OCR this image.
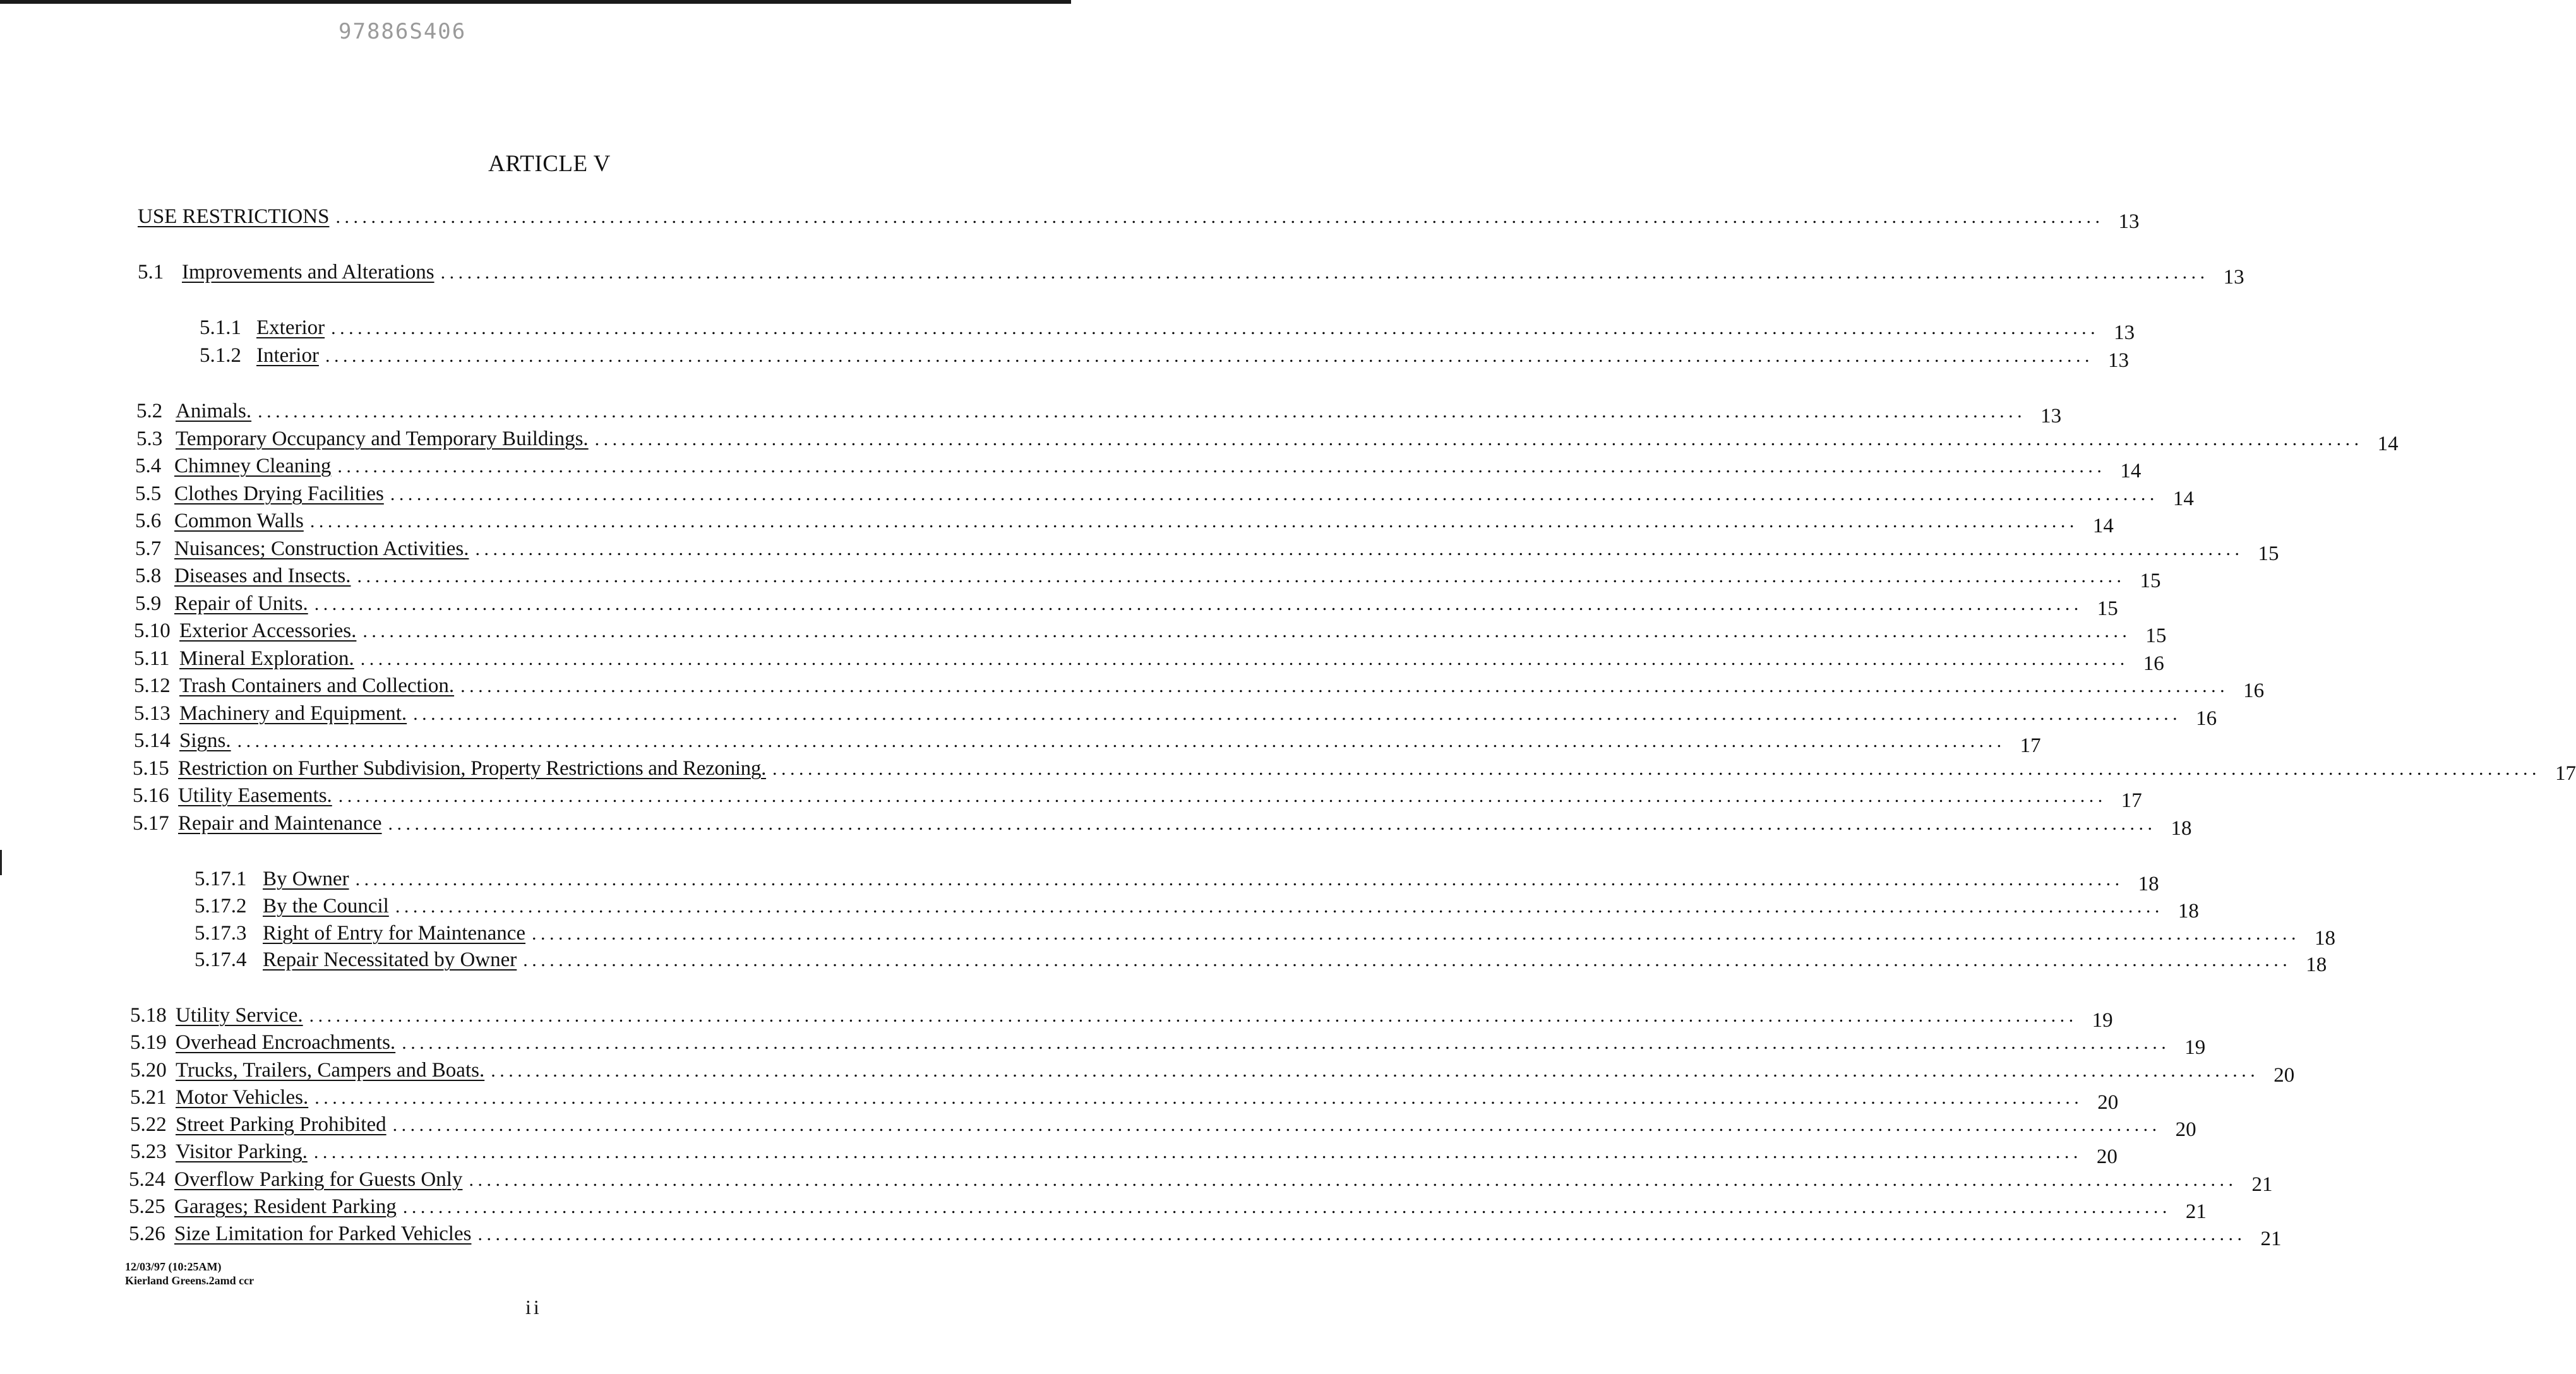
97886S406
ARTICLE V
USE RESTRICTIONS ........................................................................................................................................................................................................ 13
5.1 Improvements and Alterations ........................................................................................................................................................................................................ 13
5.1.1 Exterior ........................................................................................................................................................................................................ 13
5.1.2 Interior ........................................................................................................................................................................................................ 13
5.2 Animals. ........................................................................................................................................................................................................ 13
5.3 Temporary Occupancy and Temporary Buildings. ........................................................................................................................................................................................................ 14
5.4 Chimney Cleaning ........................................................................................................................................................................................................ 14
5.5 Clothes Drying Facilities ........................................................................................................................................................................................................ 14
5.6 Common Walls ........................................................................................................................................................................................................ 14
5.7 Nuisances; Construction Activities. ........................................................................................................................................................................................................ 15
5.8 Diseases and Insects. ........................................................................................................................................................................................................ 15
5.9 Repair of Units. ........................................................................................................................................................................................................ 15
5.10 Exterior Accessories. ........................................................................................................................................................................................................ 15
5.11 Mineral Exploration. ........................................................................................................................................................................................................ 16
5.12 Trash Containers and Collection. ........................................................................................................................................................................................................ 16
5.13 Machinery and Equipment. ........................................................................................................................................................................................................ 16
5.14 Signs. ........................................................................................................................................................................................................ 17
5.15 Restriction on Further Subdivision, Property Restrictions and Rezoning. ........................................................................................................................................................................................................ 17
5.16 Utility Easements. ........................................................................................................................................................................................................ 17
5.17 Repair and Maintenance ........................................................................................................................................................................................................ 18
5.17.1 By Owner ........................................................................................................................................................................................................ 18
5.17.2 By the Council ........................................................................................................................................................................................................ 18
5.17.3 Right of Entry for Maintenance ........................................................................................................................................................................................................ 18
5.17.4 Repair Necessitated by Owner ........................................................................................................................................................................................................ 18
5.18 Utility Service. ........................................................................................................................................................................................................ 19
5.19 Overhead Encroachments. ........................................................................................................................................................................................................ 19
5.20 Trucks, Trailers, Campers and Boats. ........................................................................................................................................................................................................ 20
5.21 Motor Vehicles. ........................................................................................................................................................................................................ 20
5.22 Street Parking Prohibited ........................................................................................................................................................................................................ 20
5.23 Visitor Parking. ........................................................................................................................................................................................................ 20
5.24 Overflow Parking for Guests Only ........................................................................................................................................................................................................ 21
5.25 Garages; Resident Parking ........................................................................................................................................................................................................ 21
5.26 Size Limitation for Parked Vehicles ........................................................................................................................................................................................................ 21
12/03/97 (10:25AM)
Kierland Greens.2amd ccr
ii
